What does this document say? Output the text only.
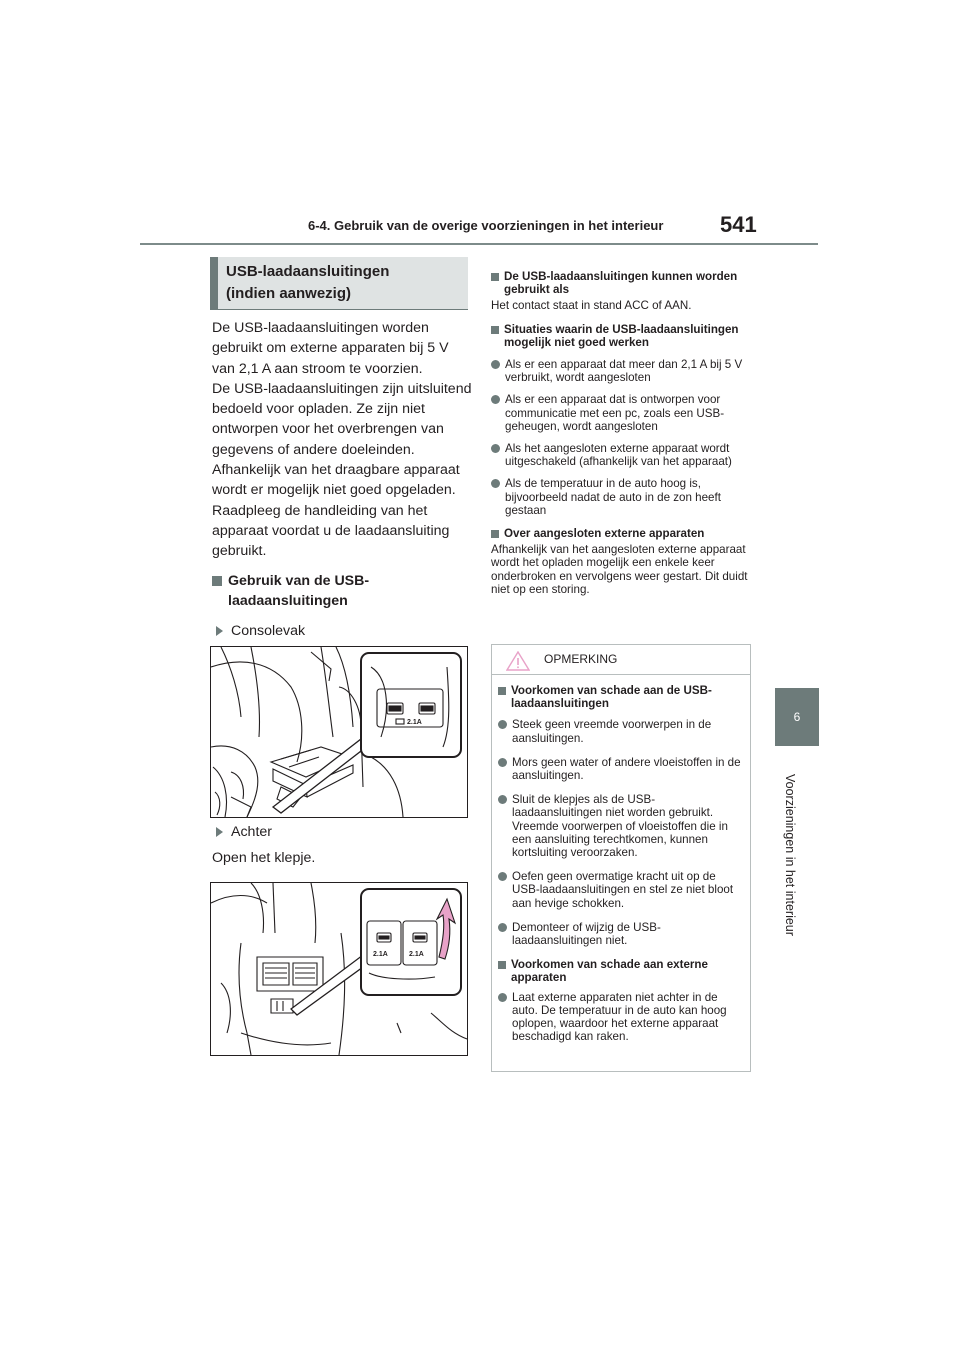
6-4. Gebruik van de overige voorzieningen in het interieur	541
6
Voorzieningen in het interieur
USB-laadaansluitingen
(indien aanwezig)

De USB-laadaansluitingen worden gebruikt om externe apparaten bij 5 V van 2,1 A aan stroom te voorzien.

De USB-laadaansluitingen zijn uitsluitend bedoeld voor opladen. Ze zijn niet ontworpen voor het overbrengen van gegevens of andere doeleinden.

Afhankelijk van het draagbare apparaat wordt er mogelijk niet goed opgeladen. Raadpleeg de handleiding van het apparaat voordat u de laadaansluiting gebruikt.

Gebruik van de USB-laadaansluitingen
Consolevak
2.1A
Achter
Open het klepje.
2.1A	2.1A
De USB-laadaansluitingen kunnen worden gebruikt als
Het contact staat in stand ACC of AAN.
Situaties waarin de USB-laadaansluitingen mogelijk niet goed werken
Als er een apparaat dat meer dan 2,1 A bij 5 V verbruikt, wordt aangesloten
Als er een apparaat dat is ontworpen voor communicatie met een pc, zoals een USB-geheugen, wordt aangesloten
Als het aangesloten externe apparaat wordt uitgeschakeld (afhankelijk van het apparaat)
Als de temperatuur in de auto hoog is, bijvoorbeeld nadat de auto in de zon heeft gestaan
Over aangesloten externe apparaten
Afhankelijk van het aangesloten externe apparaat wordt het opladen mogelijk een enkele keer onderbroken en vervolgens weer gestart. Dit duidt niet op een storing.
OPMERKING
Voorkomen van schade aan de USB-laadaansluitingen
Steek geen vreemde voorwerpen in de aansluitingen.
Mors geen water of andere vloeistoffen in de aansluitingen.
Sluit de klepjes als de USB-laadaansluitingen niet worden gebruikt. Vreemde voorwerpen of vloeistoffen die in een aansluiting terechtkomen, kunnen kortsluiting veroorzaken.
Oefen geen overmatige kracht uit op de USB-laadaansluitingen en stel ze niet bloot aan hevige schokken.
Demonteer of wijzig de USB-laadaansluitingen niet.
Voorkomen van schade aan externe apparaten
Laat externe apparaten niet achter in de auto. De temperatuur in de auto kan hoog oplopen, waardoor het externe apparaat beschadigd kan raken.
